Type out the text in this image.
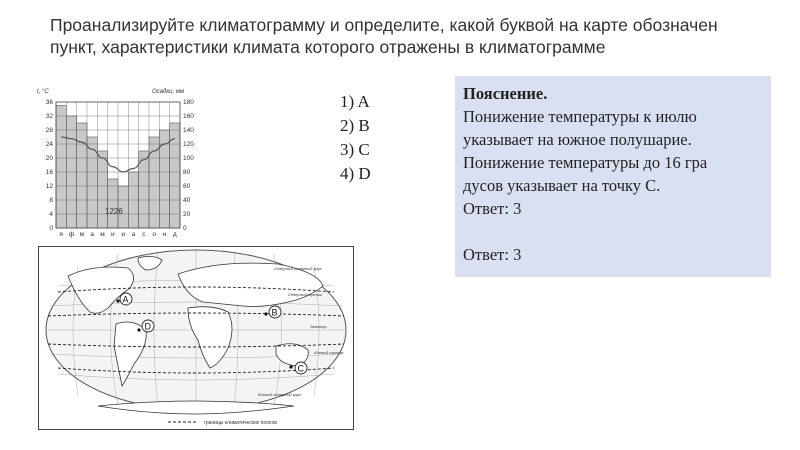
Проанализируйте климатограмму и определите, какой буквой на карте обозначен
пункт, характеристики климата которого отражены в климатограмме
0
4
8
12
16
20
24
28
32
36
0
20
40
60
80
100
120
140
160
180
t, °C	Осадки, мм
я ф м а м и и а с о н д
1226
1) A
2) B
3) C
4) D
Пояснение.
Понижение температуры к июлю
указывает на южное полушарие.
Понижение температуры до 16 гра
дусов указывает на точку С.
Ответ: 3
Ответ: 3
Северный полярный круг
Северный тропик
Экватор
Южный тропик
Южный полярный круг
A
B
C
D
границы климатических поясов
